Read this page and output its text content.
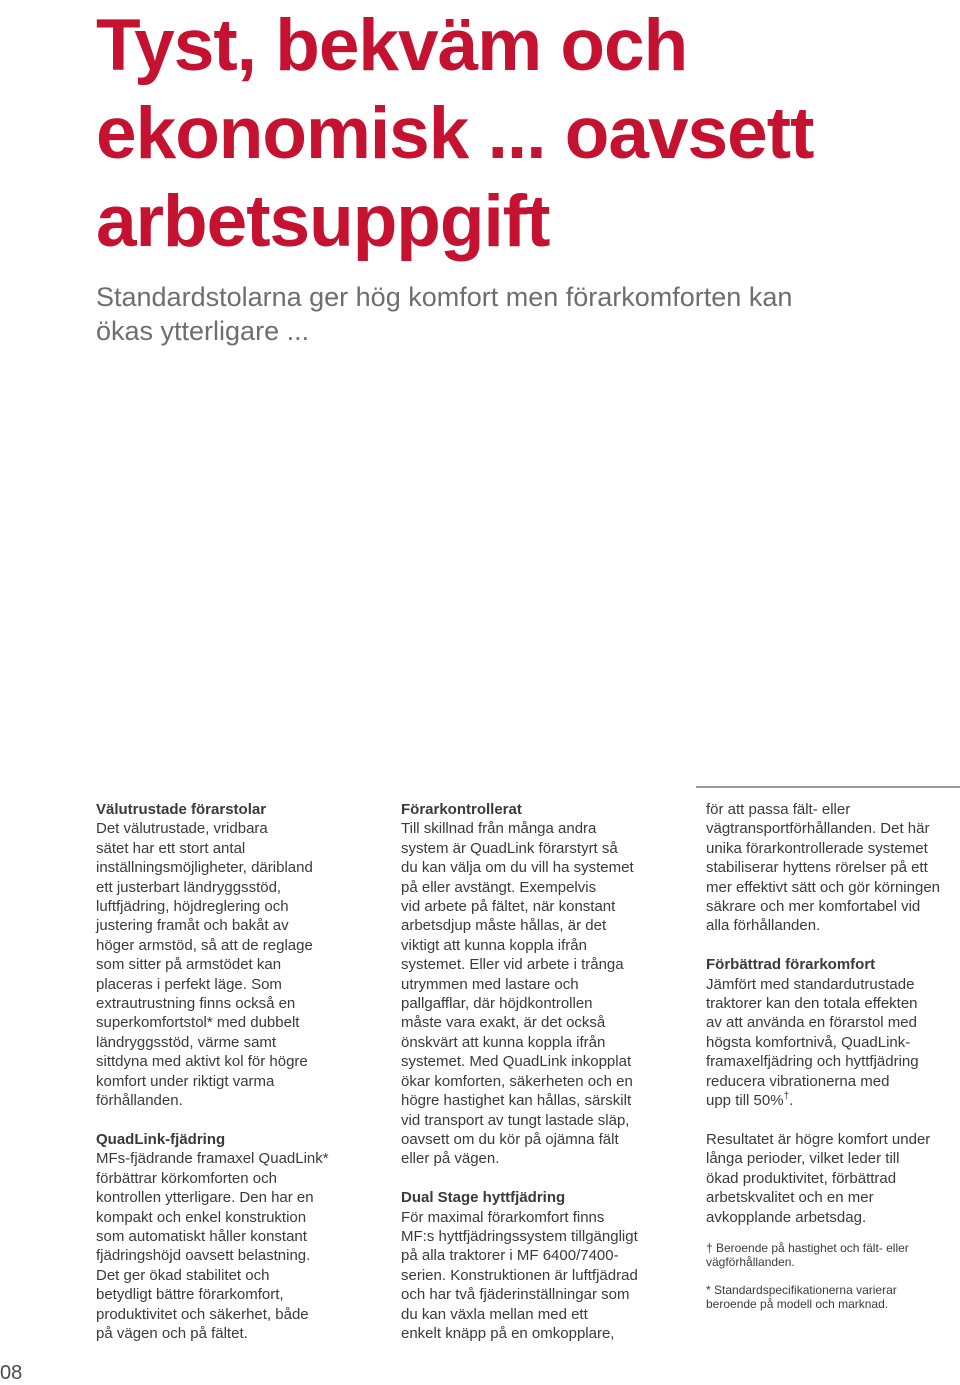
Tyst, bekväm och
ekonomisk ... oavsett
arbetsuppgift
Standardstolarna ger hög komfort men förarkomforten kan
ökas ytterligare ...
Välutrustade förarstolar
Det välutrustade, vridbara
sätet har ett stort antal
inställningsmöjligheter, däribland
ett justerbart ländryggsstöd,
luftfjädring, höjdreglering och
justering framåt och bakåt av
höger armstöd, så att de reglage
som sitter på armstödet kan
placeras i perfekt läge. Som
extrautrustning finns också en
superkomfortstol* med dubbelt
ländryggsstöd, värme samt
sittdyna med aktivt kol för högre
komfort under riktigt varma
förhållanden.
QuadLink-fjädring
MFs-fjädrande framaxel QuadLink*
förbättrar körkomforten och
kontrollen ytterligare. Den har en
kompakt och enkel konstruktion
som automatiskt håller konstant
fjädringshöjd oavsett belastning.
Det ger ökad stabilitet och
betydligt bättre förarkomfort,
produktivitet och säkerhet, både
på vägen och på fältet.
Förarkontrollerat
Till skillnad från många andra
system är QuadLink förarstyrt så
du kan välja om du vill ha systemet
på eller avstängt. Exempelvis
vid arbete på fältet, när konstant
arbetsdjup måste hållas, är det
viktigt att kunna koppla ifrån
systemet. Eller vid arbete i trånga
utrymmen med lastare och
pallgafflar, där höjdkontrollen
måste vara exakt, är det också
önskvärt att kunna koppla ifrån
systemet. Med QuadLink inkopplat
ökar komforten, säkerheten och en
högre hastighet kan hållas, särskilt
vid transport av tungt lastade släp,
oavsett om du kör på ojämna fält
eller på vägen.
Dual Stage hyttfjädring
För maximal förarkomfort finns
MF:s hyttfjädringssystem tillgängligt
på alla traktorer i MF 6400/7400-
serien. Konstruktionen är luftfjädrad
och har två fjäderinställningar som
du kan växla mellan med ett
enkelt knäpp på en omkopplare,
för att passa fält- eller
vägtransportförhållanden. Det här
unika förarkontrollerade systemet
stabiliserar hyttens rörelser på ett
mer effektivt sätt och gör körningen
säkrare och mer komfortabel vid
alla förhållanden.
Förbättrad förarkomfort
Jämfört med standardutrustade
traktorer kan den totala effekten
av att använda en förarstol med
högsta komfortnivå, QuadLink-
framaxelfjädring och hyttfjädring
reducera vibrationerna med
upp till 50%†.
Resultatet är högre komfort under
långa perioder, vilket leder till
ökad produktivitet, förbättrad
arbetskvalitet och en mer
avkopplande arbetsdag.
† Beroende på hastighet och fält- eller
vägförhållanden.
* Standardspecifikationerna varierar
beroende på modell och marknad.
08
